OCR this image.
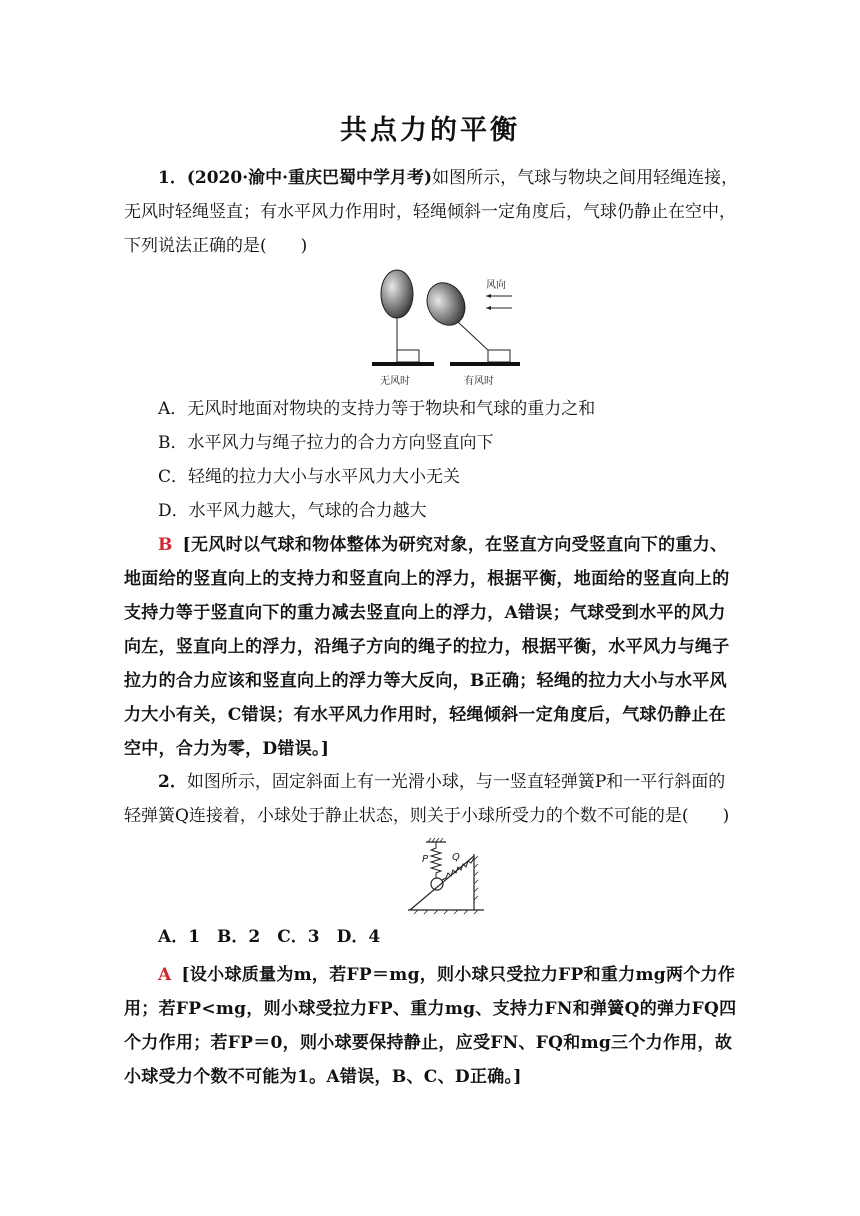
共点力的平衡
1．(2020·渝中·重庆巴蜀中学月考)如图所示，气球与物块之间用轻绳连接，
无风时轻绳竖直；有水平风力作用时，轻绳倾斜一定角度后，气球仍静止在空中，
下列说法正确的是(　　)
风向
无风时	有风时
A．无风时地面对物块的支持力等于物块和气球的重力之和
B．水平风力与绳子拉力的合力方向竖直向下
C．轻绳的拉力大小与水平风力大小无关
D．水平风力越大，气球的合力越大
B [无风时以气球和物体整体为研究对象，在竖直方向受竖直向下的重力、地面给的竖直向上的支持力和竖直向上的浮力，根据平衡，地面给的竖直向上的支持力等于竖直向下的重力减去竖直向上的浮力，A错误；气球受到水平的风力向左，竖直向上的浮力，沿绳子方向的绳子的拉力，根据平衡，水平风力与绳子拉力的合力应该和竖直向上的浮力等大反向，B正确；轻绳的拉力大小与水平风力大小有关，C错误；有水平风力作用时，轻绳倾斜一定角度后，气球仍静止在空中，合力为零，D错误。]
2．如图所示，固定斜面上有一光滑小球，与一竖直轻弹簧P和一平行斜面的
轻弹簧Q连接着，小球处于静止状态，则关于小球所受力的个数不可能的是(　　)
P Q
A．1　B．2　C．3　D．4
A [设小球质量为m，若FP＝mg，则小球只受拉力FP和重力mg两个力作用；若FP<mg，则小球受拉力FP、重力mg、支持力FN和弹簧Q的弹力FQ四个力作用；若FP＝0，则小球要保持静止，应受FN、FQ和mg三个力作用，故小球受力个数不可能为1。A错误，B、C、D正确。]
